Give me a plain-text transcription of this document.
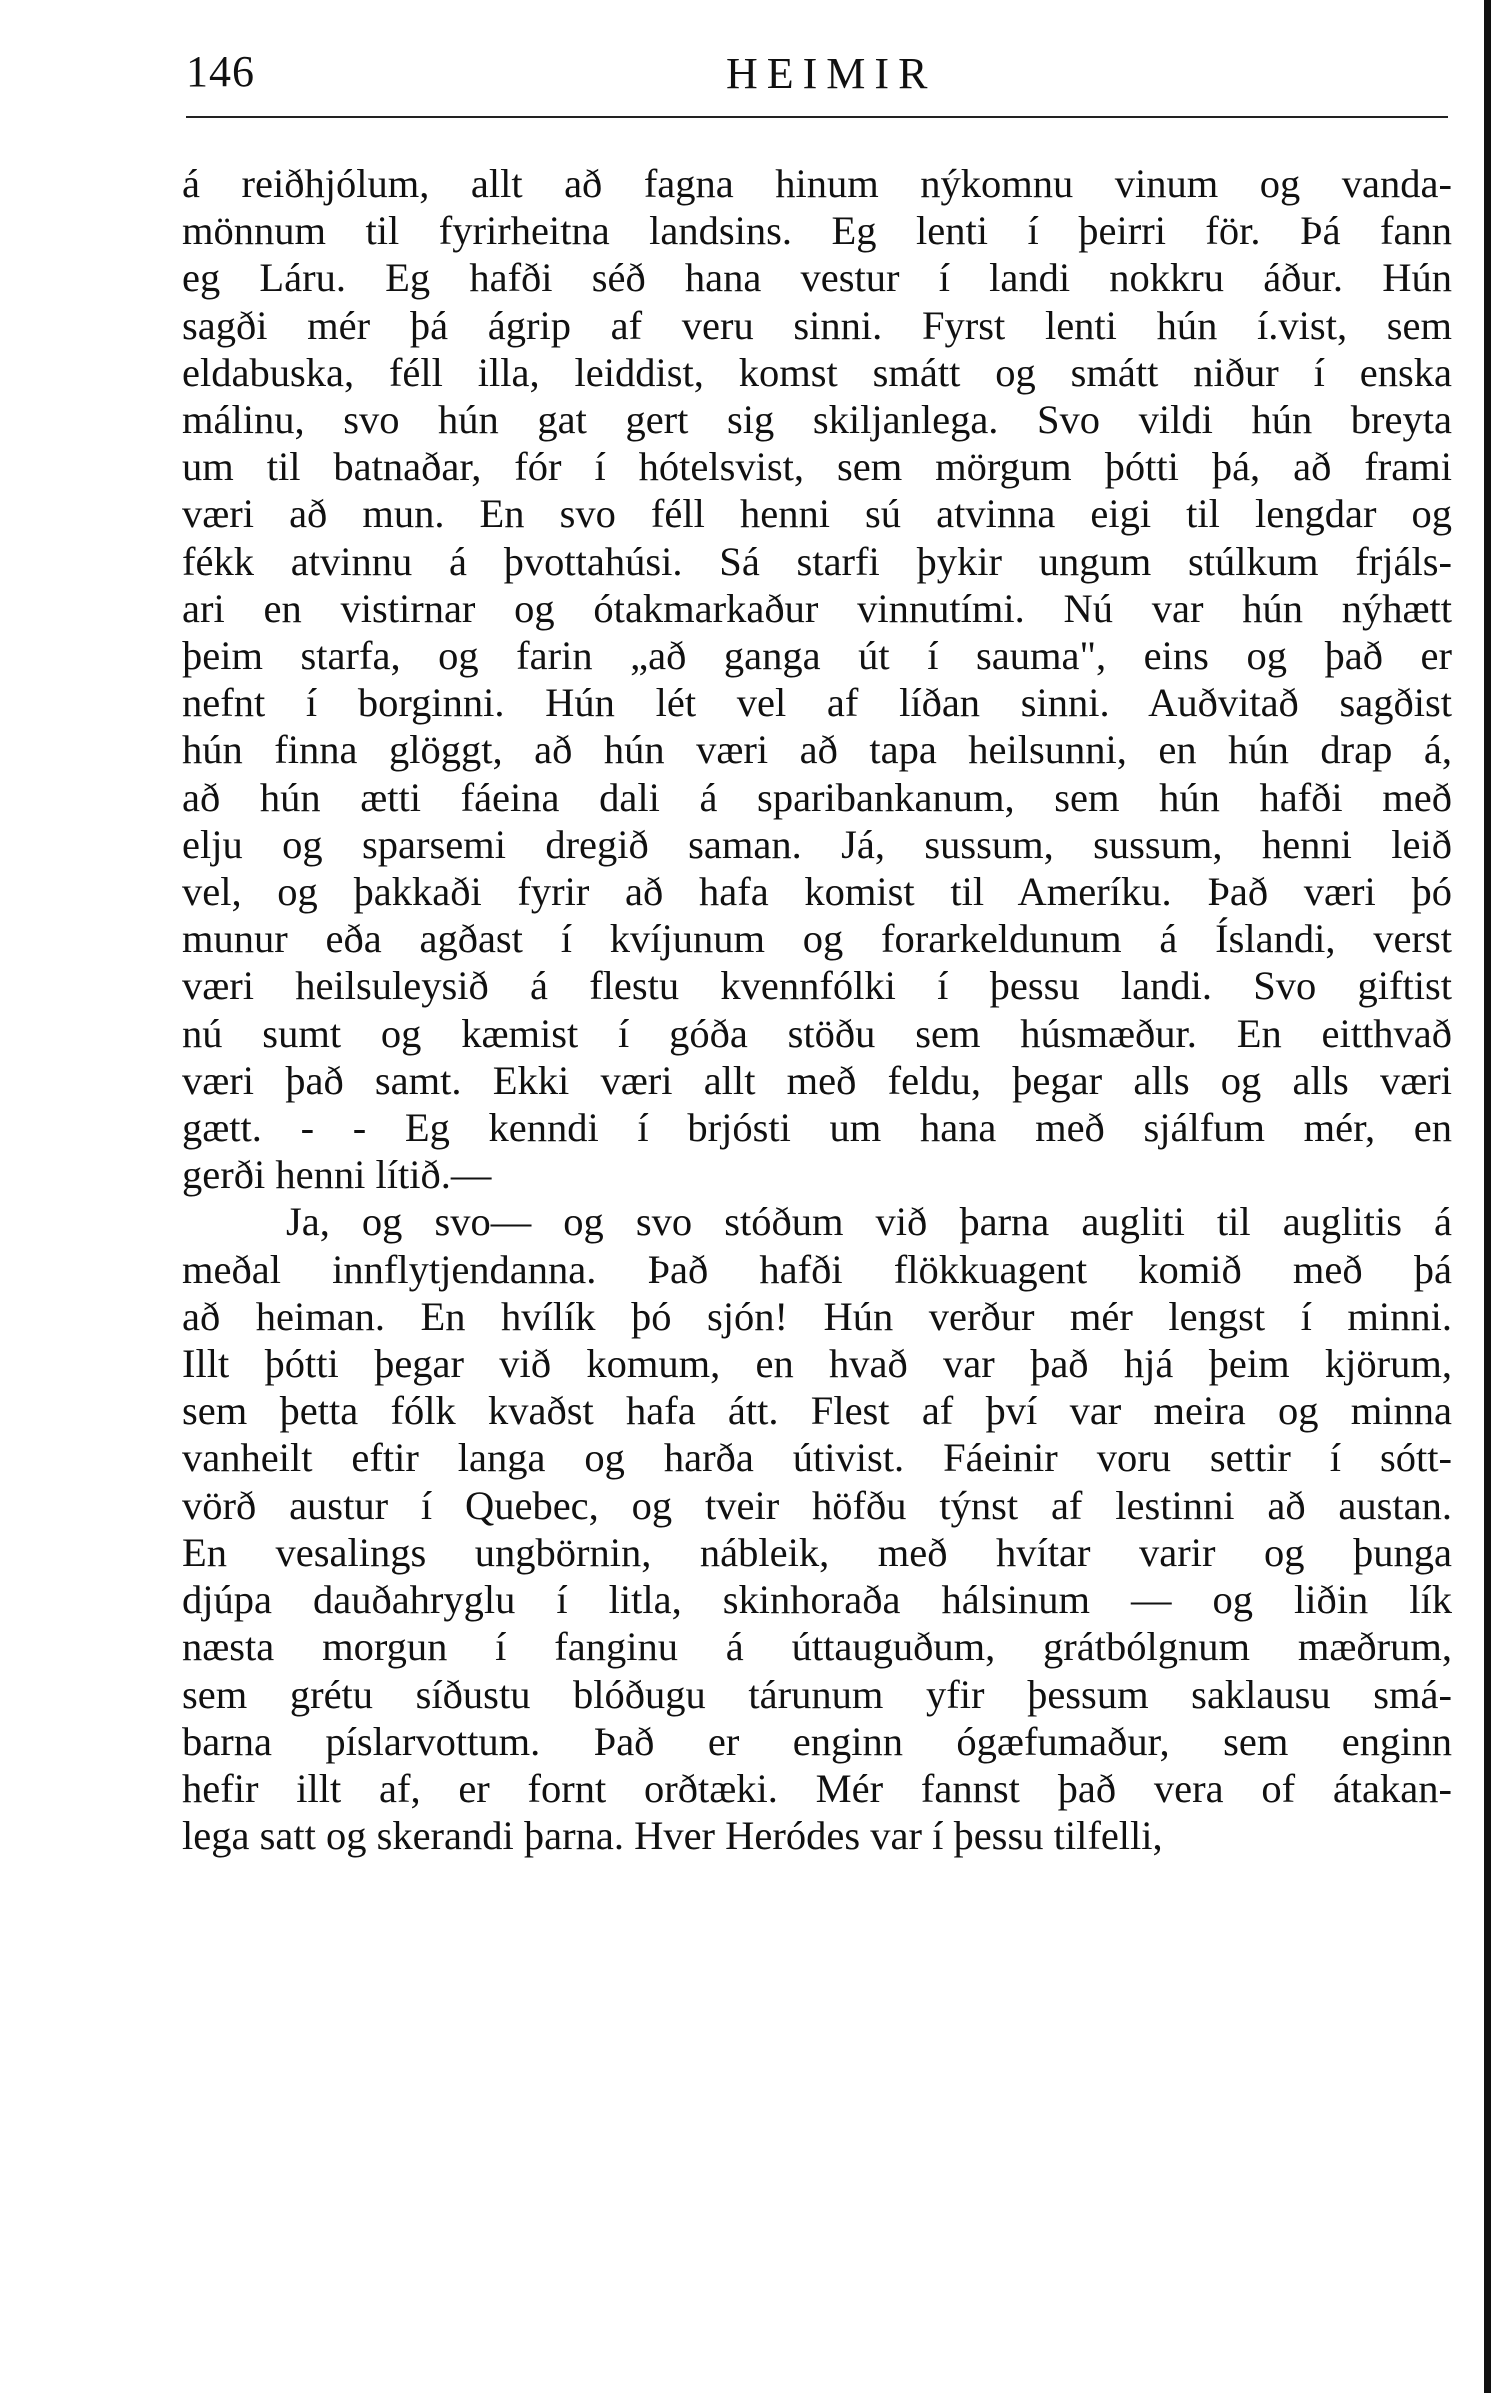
146	HEIMIR
á reiðhjólum, allt að fagna hinum nýkomnu vinum og vanda-
mönnum til fyrirheitna landsins. Eg lenti í þeirri för. Þá fann
eg Láru. Eg hafði séð hana vestur í landi nokkru áður. Hún
sagði mér þá ágrip af veru sinni. Fyrst lenti hún í.vist, sem
eldabuska, féll illa, leiddist, komst smátt og smátt niður í enska
málinu, svo hún gat gert sig skiljanlega. Svo vildi hún breyta
um til batnaðar, fór í hótelsvist, sem mörgum þótti þá, að frami
væri að mun. En svo féll henni sú atvinna eigi til lengdar og
fékk atvinnu á þvottahúsi. Sá starfi þykir ungum stúlkum frjáls-
ari en vistirnar og ótakmarkaður vinnutími. Nú var hún nýhætt
þeim starfa, og farin „að ganga út í sauma", eins og það er
nefnt í borginni. Hún lét vel af líðan sinni. Auðvitað sagðist
hún finna glöggt, að hún væri að tapa heilsunni, en hún drap á,
að hún ætti fáeina dali á sparibankanum, sem hún hafði með
elju og sparsemi dregið saman. Já, sussum, sussum, henni leið
vel, og þakkaði fyrir að hafa komist til Ameríku. Það væri þó
munur eða agðast í kvíjunum og forarkeldunum á Íslandi, verst
væri heilsuleysið á flestu kvennfólki í þessu landi. Svo giftist
nú sumt og kæmist í góða stöðu sem húsmæður. En eitthvað
væri það samt. Ekki væri allt með feldu, þegar alls og alls væri
gætt. - - Eg kenndi í brjósti um hana með sjálfum mér, en
gerði henni lítið.—
Ja, og svo— og svo stóðum við þarna augliti til auglitis á
meðal innflytjendanna. Það hafði flökkuagent komið með þá
að heiman. En hvílík þó sjón! Hún verður mér lengst í minni.
Illt þótti þegar við komum, en hvað var það hjá þeim kjörum,
sem þetta fólk kvaðst hafa átt. Flest af því var meira og minna
vanheilt eftir langa og harða útivist. Fáeinir voru settir í sótt-
vörð austur í Quebec, og tveir höfðu týnst af lestinni að austan.
En vesalings ungbörnin, nábleik, með hvítar varir og þunga
djúpa dauðahryglu í litla, skinhoraða hálsinum — og liðin lík
næsta morgun í fanginu á úttauguðum, grátbólgnum mæðrum,
sem grétu síðustu blóðugu tárunum yfir þessum saklausu smá-
barna píslarvottum. Það er enginn ógæfumaður, sem enginn
hefir illt af, er fornt orðtæki. Mér fannst það vera of átakan-
lega satt og skerandi þarna. Hver Heródes var í þessu tilfelli,
